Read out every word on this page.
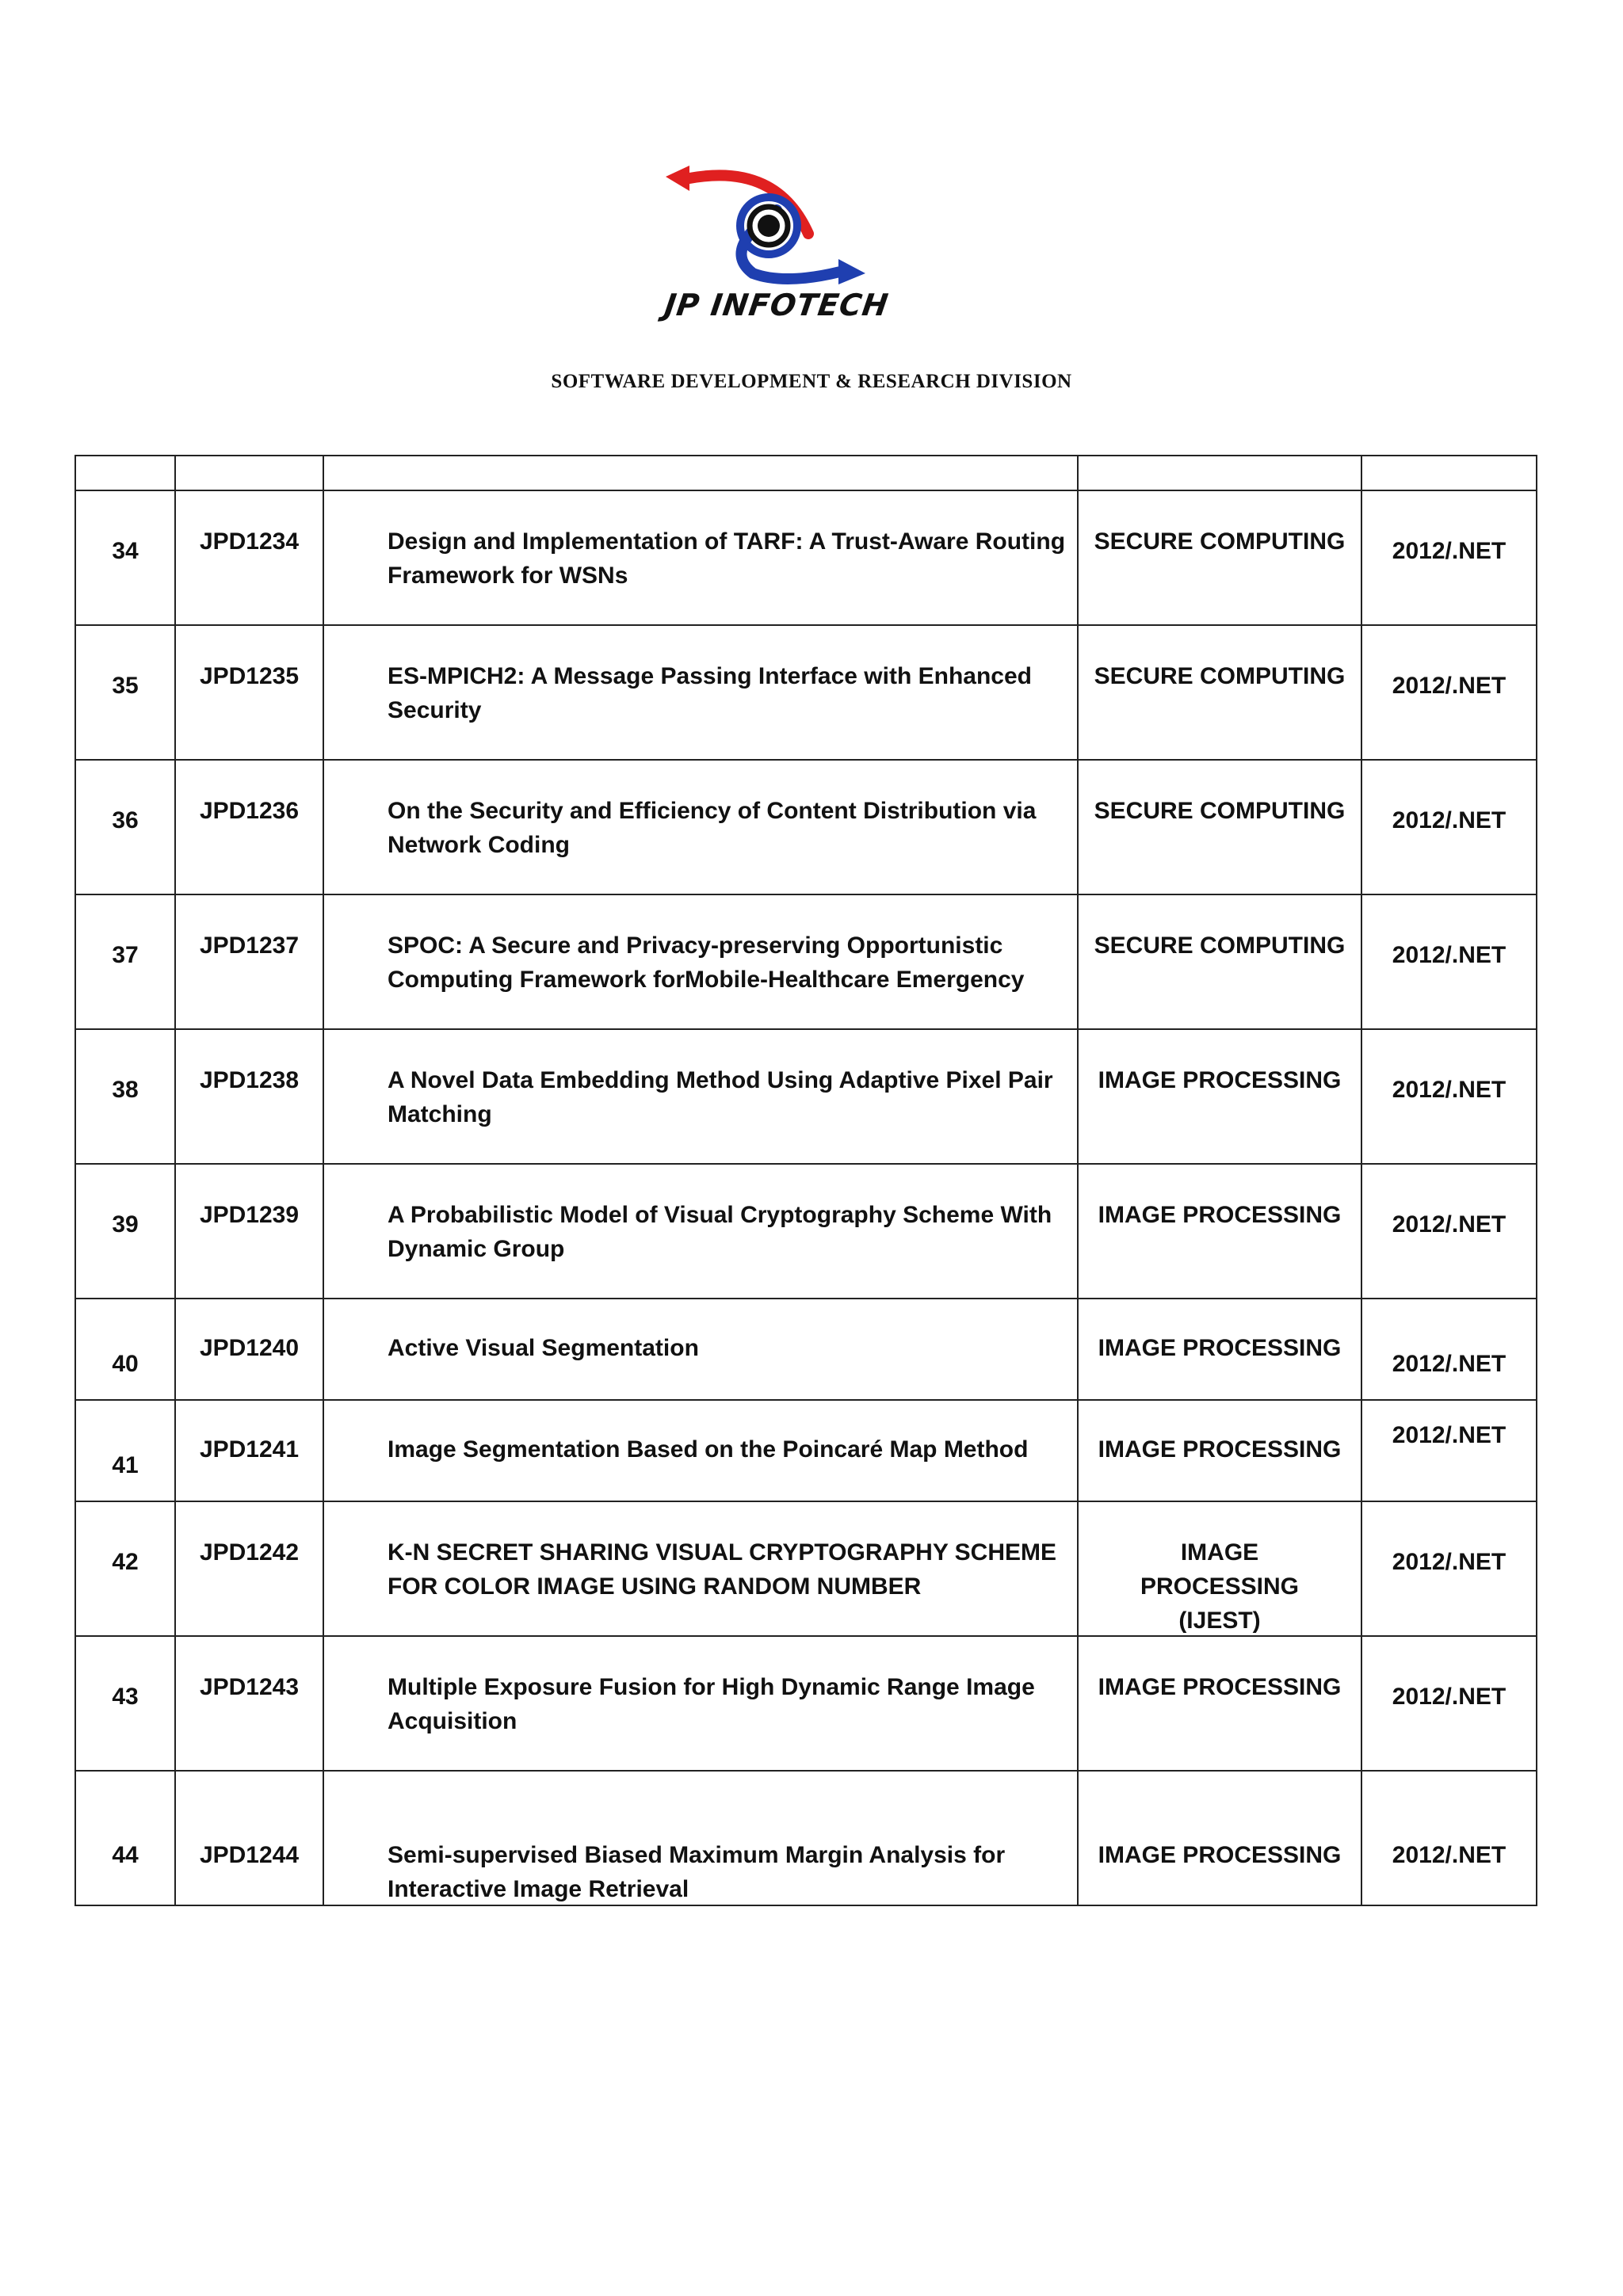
JP INFOTECH
SOFTWARE DEVELOPMENT & RESEARCH DIVISION

34	JPD1234	Design and Implementation of TARF: A Trust-Aware Routing Framework for WSNs	SECURE COMPUTING	2012/.NET

35	JPD1235	ES-MPICH2: A Message Passing Interface with Enhanced Security	SECURE COMPUTING	2012/.NET

36	JPD1236	On the Security and Efficiency of Content Distribution via Network Coding	SECURE COMPUTING	2012/.NET

37	JPD1237	SPOC: A Secure and Privacy-preserving Opportunistic Computing Framework forMobile-Healthcare Emergency	SECURE COMPUTING	2012/.NET

38	JPD1238	A Novel Data Embedding Method Using Adaptive Pixel Pair Matching	IMAGE PROCESSING	2012/.NET

39	JPD1239	A Probabilistic Model of Visual Cryptography Scheme With Dynamic Group	IMAGE PROCESSING	2012/.NET

40	JPD1240	Active Visual Segmentation	IMAGE PROCESSING	2012/.NET

41	JPD1241	Image Segmentation Based on the Poincaré Map Method	IMAGE PROCESSING	2012/.NET

42	JPD1242	K-N SECRET SHARING VISUAL CRYPTOGRAPHY SCHEME FOR COLOR IMAGE USING RANDOM NUMBER	IMAGE PROCESSING (IJEST)	2012/.NET

43	JPD1243	Multiple Exposure Fusion for High Dynamic Range Image Acquisition	IMAGE PROCESSING	2012/.NET

44	JPD1244	Semi-supervised Biased Maximum Margin Analysis for Interactive Image Retrieval	IMAGE PROCESSING	2012/.NET
